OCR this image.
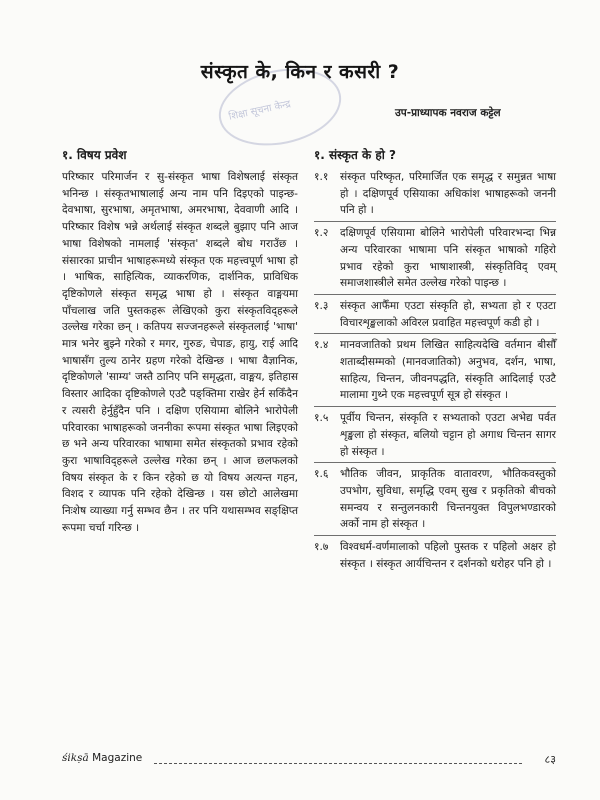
शिक्षा सूचना केन्द्र
संस्कृत के, किन र कसरी ?
उप-प्राध्यापक नवराज कट्टेल
१. विषय प्रवेश

परिष्कार परिमार्जन र सु-संस्कृत भाषा विशेषलाई संस्कृत भनिन्छ । संस्कृतभाषालाई अन्य नाम पनि दिइएको पाइन्छ- देवभाषा, सुरभाषा, अमृतभाषा, अमरभाषा, देववाणी आदि । परिष्कार विशेष भन्ने अर्थलाई संस्कृत शब्दले बुझाए पनि आज भाषा विशेषको नामलाई 'संस्कृत' शब्दले बोध गराउँछ । संसारका प्राचीन भाषाहरूमध्ये संस्कृत एक महत्त्वपूर्ण भाषा हो । भाषिक, साहित्यिक, व्याकरणिक, दार्शनिक, प्राविधिक दृष्टिकोणले संस्कृत समृद्ध भाषा हो । संस्कृत वाङ्मयमा पाँचलाख जति पुस्तकहरू लेखिएको कुरा संस्कृतविद्हरूले उल्लेख गरेका छन् । कतिपय सज्जनहरूले संस्कृतलाई 'भाषा' मात्र भनेर बुझ्ने गरेको र मगर, गुरुङ, चेपाङ, हायु, राई आदि भाषासँग तुल्य ठानेर ग्रहण गरेको देखिन्छ । भाषा वैज्ञानिक, दृष्टिकोणले 'साम्य' जस्तै ठानिए पनि समृद्धता, वाङ्मय, इतिहास विस्तार आदिका दृष्टिकोणले एउटै पङ्क्तिमा राखेर हेर्न सकिँदैन र त्यसरी हेर्नुहुँदैन पनि । दक्षिण एसियामा बोलिने भारोपेली परिवारका भाषाहरूको जननीका रूपमा संस्कृत भाषा लिइएको छ भने अन्य परिवारका भाषामा समेत संस्कृतको प्रभाव रहेको कुरा भाषाविद्हरूले उल्लेख गरेका छन् । आज छलफलको विषय संस्कृत के र किन रहेको छ यो विषय अत्यन्त गहन, विशद र व्यापक पनि रहेको देखिन्छ । यस छोटो आलेखमा निःशेष व्याख्या गर्नु सम्भव छैन । तर पनि यथासम्भव सङ्क्षिप्त रूपमा चर्चा गरिन्छ ।

१. संस्कृत के हो ?
१.१	संस्कृत परिष्कृत, परिमार्जित एक समृद्ध र समुन्नत भाषा हो । दक्षिणपूर्व एसियाका अधिकांश भाषाहरूको जननी पनि हो ।
१.२	दक्षिणपूर्व एसियामा बोलिने भारोपेली परिवारभन्दा भिन्न अन्य परिवारका भाषामा पनि संस्कृत भाषाको गहिरो प्रभाव रहेको कुरा भाषाशास्त्री, संस्कृतिविद् एवम् समाजशास्त्रीले समेत उल्लेख गरेको पाइन्छ ।
१.३	संस्कृत आफैँमा एउटा संस्कृति हो, सभ्यता हो र एउटा विचारशृङ्खलाको अविरल प्रवाहित महत्त्वपूर्ण कडी हो ।
१.४	मानवजातिको प्रथम लिखित साहित्यदेखि वर्तमान बीसौँ शताब्दीसम्मको (मानवजातिको) अनुभव, दर्शन, भाषा, साहित्य, चिन्तन, जीवनपद्धति, संस्कृति आदिलाई एउटै मालामा गुथ्ने एक महत्त्वपूर्ण सूत्र हो संस्कृत ।
१.५	पूर्वीय चिन्तन, संस्कृति र सभ्यताको एउटा अभेद्य पर्वत शृङ्खला हो संस्कृत, बलियो चट्टान हो अगाध चिन्तन सागर हो संस्कृत ।
१.६	भौतिक जीवन, प्राकृतिक वातावरण, भौतिकवस्तुको उपभोग, सुविधा, समृद्धि एवम् सुख र प्रकृतिको बीचको समन्वय र सन्तुलनकारी चिन्तनयुक्त विपुलभण्डारको अर्को नाम हो संस्कृत ।
१.७	विश्वधर्म-वर्णमालाको पहिलो पुस्तक र पहिलो अक्षर हो संस्कृत । संस्कृत आर्यचिन्तन र दर्शनको धरोहर पनि हो ।
śikṣā Magazine	८३
